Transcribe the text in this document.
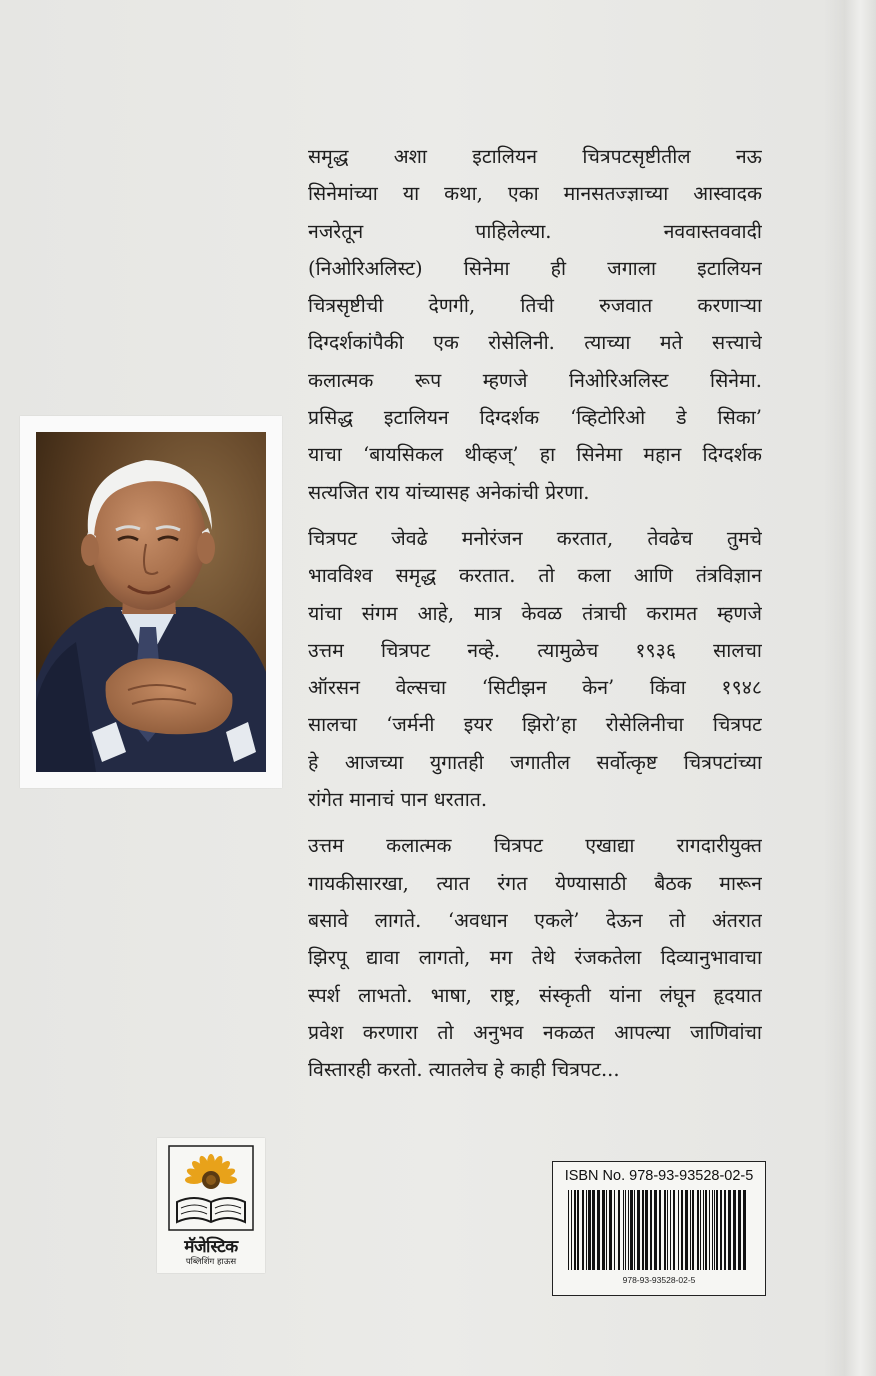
समृद्ध अशा इटालियन चित्रपटसृष्टीतील नऊ
सिनेमांच्या या कथा, एका मानसतज्ज्ञाच्या आस्वादक
नजरेतून पाहिलेल्या. नववास्तववादी
(निओरिअलिस्ट) सिनेमा ही जगाला इटालियन
चित्रसृष्टीची देणगी, तिची रुजवात करणाऱ्या
दिग्दर्शकांपैकी एक रोसेलिनी. त्याच्या मते सत्त्याचे
कलात्मक रूप म्हणजे निओरिअलिस्ट सिनेमा.
प्रसिद्ध इटालियन दिग्दर्शक ‘व्हिटोरिओ डे सिका’
याचा ‘बायसिकल थीव्हज्’ हा सिनेमा महान दिग्दर्शक
सत्यजित राय यांच्यासह अनेकांची प्रेरणा.
चित्रपट जेवढे मनोरंजन करतात, तेवढेच तुमचे
भावविश्व समृद्ध करतात. तो कला आणि तंत्रविज्ञान
यांचा संगम आहे, मात्र केवळ तंत्राची करामत म्हणजे
उत्तम चित्रपट नव्हे. त्यामुळेच १९३६ सालचा
ऑरसन वेल्सचा ‘सिटीझन केन’ किंवा १९४८
सालचा ‘जर्मनी इयर झिरो’हा रोसेलिनीचा चित्रपट
हे आजच्या युगातही जगातील सर्वोत्कृष्ट चित्रपटांच्या
रांगेत मानाचं पान धरतात.
उत्तम कलात्मक चित्रपट एखाद्या रागदारीयुक्त
गायकीसारखा, त्यात रंगत येण्यासाठी बैठक मारून
बसावे लागते. ‘अवधान एकले’ देऊन तो अंतरात
झिरपू द्यावा लागतो, मग तेथे रंजकतेला दिव्यानुभावाचा
स्पर्श लाभतो. भाषा, राष्ट्र, संस्कृती यांना लंघून हृदयात
प्रवेश करणारा तो अनुभव नकळत आपल्या जाणिवांचा
विस्तारही करतो. त्यातलेच हे काही चित्रपट...
मॅजेस्टिक
पब्लिशिंग हाऊस
ISBN No. 978-93-93528-02-5
978-93-93528-02-5
